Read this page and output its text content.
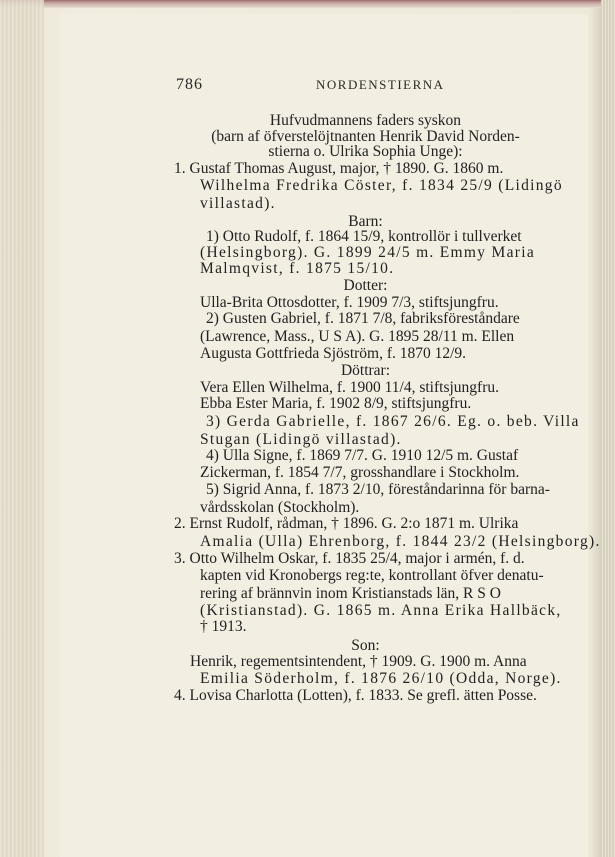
786	NORDENSTIERNA
Hufvudmannens faders syskon
(barn af öfverstelöjtnanten Henrik David Norden-
stierna o. Ulrika Sophia Unge):
1. Gustaf Thomas August, major, † 1890. G. 1860 m.
Wilhelma Fredrika Cöster, f. 1834 25/9 (Lidingö
villastad).
Barn:
1) Otto Rudolf, f. 1864 15/9, kontrollör i tullverket
(Helsingborg). G. 1899 24/5 m. Emmy Maria
Malmqvist, f. 1875 15/10.
Dotter:
Ulla-Brita Ottosdotter, f. 1909 7/3, stiftsjungfru.
2) Gusten Gabriel, f. 1871 7/8, fabriksföreståndare
(Lawrence, Mass., U S A). G. 1895 28/11 m. Ellen
Augusta Gottfrieda Sjöström, f. 1870 12/9.
Döttrar:
Vera Ellen Wilhelma, f. 1900 11/4, stiftsjungfru.
Ebba Ester Maria, f. 1902 8/9, stiftsjungfru.
3) Gerda Gabrielle, f. 1867 26/6. Eg. o. beb. Villa
Stugan (Lidingö villastad).
4) Ulla Signe, f. 1869 7/7. G. 1910 12/5 m. Gustaf
Zickerman, f. 1854 7/7, grosshandlare i Stockholm.
5) Sigrid Anna, f. 1873 2/10, föreståndarinna för barna-
vårdsskolan (Stockholm).
2. Ernst Rudolf, rådman, † 1896. G. 2:o 1871 m. Ulrika
Amalia (Ulla) Ehrenborg, f. 1844 23/2 (Helsingborg).
3. Otto Wilhelm Oskar, f. 1835 25/4, major i armén, f. d.
kapten vid Kronobergs reg:te, kontrollant öfver denatu-
rering af brännvin inom Kristianstads län, R S O
(Kristianstad). G. 1865 m. Anna Erika Hallbäck,
† 1913.
Son:
Henrik, regementsintendent, † 1909. G. 1900 m. Anna
Emilia Söderholm, f. 1876 26/10 (Odda, Norge).
4. Lovisa Charlotta (Lotten), f. 1833. Se grefl. ätten Posse.
